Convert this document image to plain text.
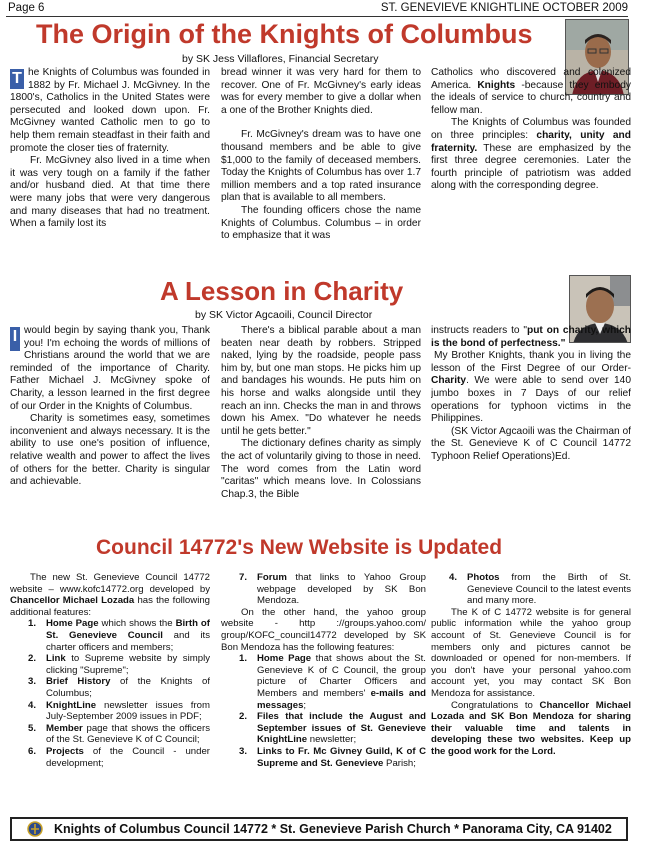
Page 6	ST. GENEVIEVE KNIGHTLINE OCTOBER 2009
The Origin of the Knights of Columbus
by SK Jess Villaflores, Financial Secretary
T he Knights of Columbus was founded in 1882 by Fr. Michael J. McGivney. In the 1800's, Catholics in the United States were persecuted and looked down upon. Fr. McGivney wanted Catholic men to go to help them remain steadfast in their faith and promote the closer ties of fraternity.

Fr. McGivney also lived in a time when it was very tough on a family if the father and/or husband died. At that time there were many jobs that were very dangerous and many diseases that had no treatment. When a family lost its

bread winner it was very hard for them to recover. One of Fr. McGivney's early ideas was for every member to give a dollar when a one of the Brother Knights died.

Fr. McGivney's dream was to have one thousand members and be able to give $1,000 to the family of deceased members. Today the Knights of Columbus has over 1.7 million members and a top rated insurance plan that is available to all members.

The founding officers chose the name Knights of Columbus. Columbus – in order to emphasize that it was

Catholics who discovered and colonized America. Knights -because they embody the ideals of service to church, country and fellow man.

The Knights of Columbus was founded on three principles: charity, unity and fraternity. These are emphasized by the first three degree ceremonies. Later the fourth principle of patriotism was added along with the corresponding degree.

A Lesson in Charity
by SK Victor Agcaoili, Council Director
I would begin by saying thank you, Thank you! I'm echoing the words of millions of Christians around the world that we are reminded of the importance of Charity. Father Michael J. McGivney spoke of Charity, a lesson learned in the first degree of our Order in the Knights of Columbus.

Charity is sometimes easy, sometimes inconvenient and always necessary. It is the ability to use one's position of influence, relative wealth and power to affect the lives of others for the better. Charity is singular and achievable.

There's a biblical parable about a man beaten near death by robbers. Stripped naked, lying by the roadside, people pass him by, but one man stops. He picks him up and bandages his wounds. He puts him on his horse and walks alongside until they reach an inn. Checks the man in and throws down his Amex. "Do whatever he needs until he gets better."

The dictionary defines charity as simply the act of voluntarily giving to those in need. The word comes from the Latin word "caritas" which means love. In Colossians Chap.3, the Bible

instructs readers to "put on charity, which is the bond of perfectness."

My Brother Knights, thank you in living the lesson of the First Degree of our Order-Charity. We were able to send over 140 jumbo boxes in 7 Days of our relief operations for typhoon victims in the Philippines.

(SK Victor Agcaoili was the Chairman of the St. Genevieve K of C Council 14772 Typhoon Relief Operations)Ed.

Council 14772's New Website is Updated

The new St. Genevieve Council 14772 website – www.kofc14772.org developed by Chancellor Michael Lozada has the following additional features:

1. Home Page which shows the Birth of St. Genevieve Council and its charter officers and members;
2. Link to Supreme website by simply clicking "Supreme";
3. Brief History of the Knights of Columbus;
4. KnightLine newsletter issues from July-September 2009 issues in PDF;
5. Member page that shows the officers of the St. Genevieve K of C Council;
6. Projects of the Council - under development;
7. Forum that links to Yahoo Group webpage developed by SK Bon Mendoza.

On the other hand, the yahoo group website - http ://groups.yahoo.com/ group/KOFC_council14772 developed by SK Bon Mendoza has the following features:

1. Home Page that shows about the St. Genevieve K of C Council, the group picture of Charter Officers and Members and members' e-mails and messages;
2. Files that include the August and September issues of St. Genevieve KnightLine newsletter;
3. Links to Fr. Mc Givney Guild, K of C Supreme and St. Genevieve Parish;
4. Photos from the Birth of St. Genevieve Council to the latest events and many more.

The K of C 14772 website is for general public information while the yahoo group account of St. Genevieve Council is for members only and pictures cannot be downloaded or opened for non-members. If you don't have your personal yahoo.com account yet, you may contact SK Bon Mendoza for assistance.

Congratulations to Chancellor Michael Lozada and SK Bon Mendoza for sharing their valuable time and talents in developing these two websites. Keep up the good work for the Lord.

Knights of Columbus Council 14772 * St. Genevieve Parish Church * Panorama City, CA 91402
